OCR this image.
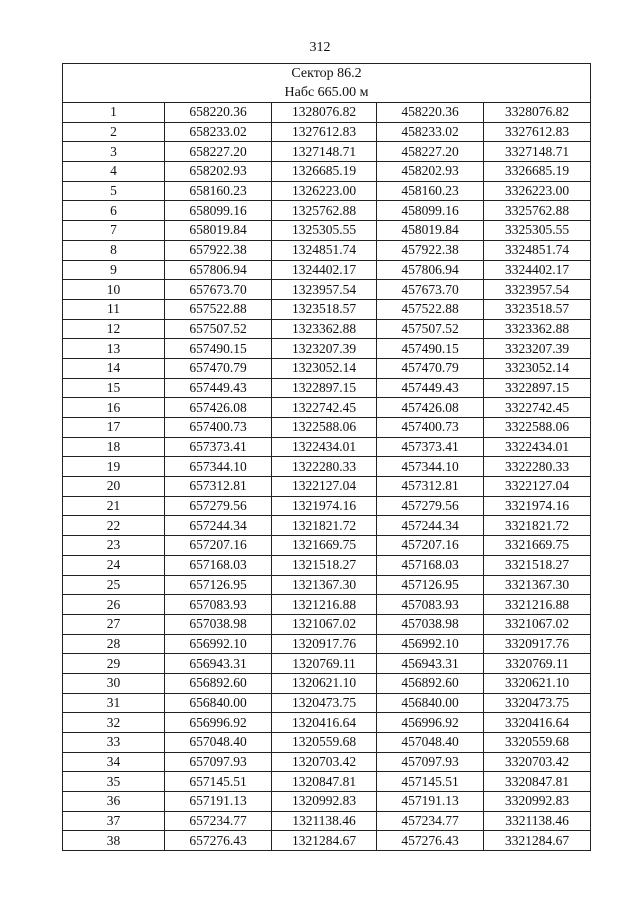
312
Сектор 86.2
Набс 665.00 м				

1	658220.36	1328076.82	458220.36	3328076.82
2	658233.02	1327612.83	458233.02	3327612.83
3	658227.20	1327148.71	458227.20	3327148.71
4	658202.93	1326685.19	458202.93	3326685.19
5	658160.23	1326223.00	458160.23	3326223.00
6	658099.16	1325762.88	458099.16	3325762.88
7	658019.84	1325305.55	458019.84	3325305.55
8	657922.38	1324851.74	457922.38	3324851.74
9	657806.94	1324402.17	457806.94	3324402.17
10	657673.70	1323957.54	457673.70	3323957.54
11	657522.88	1323518.57	457522.88	3323518.57
12	657507.52	1323362.88	457507.52	3323362.88
13	657490.15	1323207.39	457490.15	3323207.39
14	657470.79	1323052.14	457470.79	3323052.14
15	657449.43	1322897.15	457449.43	3322897.15
16	657426.08	1322742.45	457426.08	3322742.45
17	657400.73	1322588.06	457400.73	3322588.06
18	657373.41	1322434.01	457373.41	3322434.01
19	657344.10	1322280.33	457344.10	3322280.33
20	657312.81	1322127.04	457312.81	3322127.04
21	657279.56	1321974.16	457279.56	3321974.16
22	657244.34	1321821.72	457244.34	3321821.72
23	657207.16	1321669.75	457207.16	3321669.75
24	657168.03	1321518.27	457168.03	3321518.27
25	657126.95	1321367.30	457126.95	3321367.30
26	657083.93	1321216.88	457083.93	3321216.88
27	657038.98	1321067.02	457038.98	3321067.02
28	656992.10	1320917.76	456992.10	3320917.76
29	656943.31	1320769.11	456943.31	3320769.11
30	656892.60	1320621.10	456892.60	3320621.10
31	656840.00	1320473.75	456840.00	3320473.75
32	656996.92	1320416.64	456996.92	3320416.64
33	657048.40	1320559.68	457048.40	3320559.68
34	657097.93	1320703.42	457097.93	3320703.42
35	657145.51	1320847.81	457145.51	3320847.81
36	657191.13	1320992.83	457191.13	3320992.83
37	657234.77	1321138.46	457234.77	3321138.46
38	657276.43	1321284.67	457276.43	3321284.67
